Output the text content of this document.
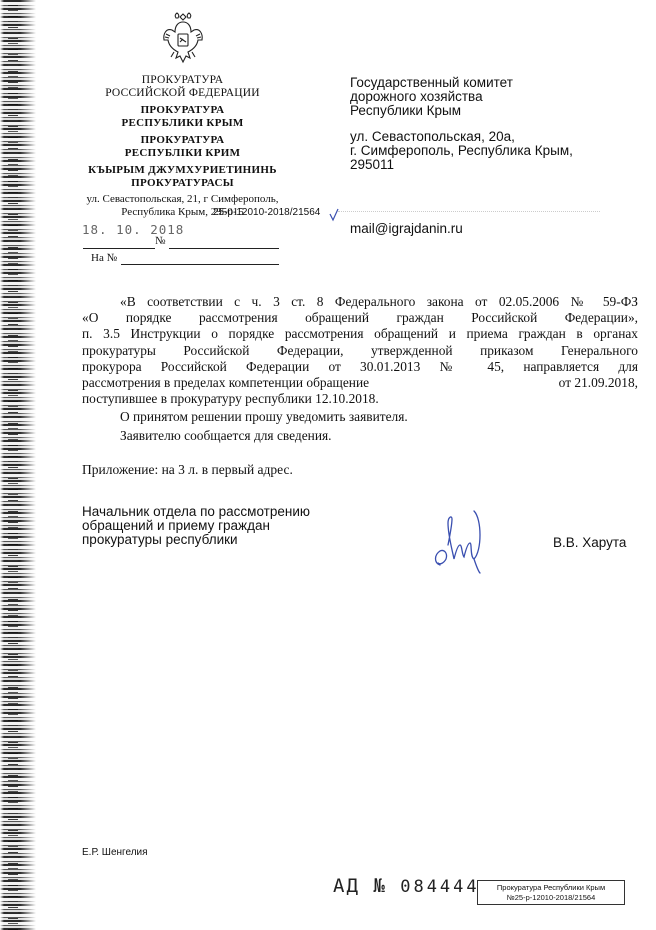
ПРОКУРАТУРА
РОССИЙСКОЙ ФЕДЕРАЦИИ
ПРОКУРАТУРА
РЕСПУБЛИКИ КРЫМ
ПРОКУРАТУРА
РЕСПУБЛІКИ КРИМ
КЪЫРЫМ ДЖУМХУРИЕТИНИНЬ
ПРОКУРАТУРАСЫ
ул. Севастопольская, 21, г Симферополь,
Республика Крым, 295015
25-р-12010-2018/21564
18. 10. 2018
№
На №
Государственный комитет
дорожного хозяйства
Республики Крым
ул. Севастопольская, 20а,
г. Симферополь, Республика Крым,
295011
mail@igrajdanin.ru
«В соответствии с ч. 3 ст. 8 Федерального закона от 02.05.2006 № 59-ФЗ
«О порядке рассмотрения обращений граждан Российской Федерации»,
п. 3.5 Инструкции о порядке рассмотрения обращений и приема граждан в органах
прокуратуры Российской Федерации, утвержденной приказом Генерального
прокурора Российской Федерации от 30.01.2013 № 45, направляется для
рассмотрения в пределах компетенции обращение	от 21.09.2018,
поступившее в прокуратуру республики 12.10.2018.
О принятом решении прошу уведомить заявителя.
Заявителю сообщается для сведения.
Приложение: на 3 л. в первый адрес.
Начальник отдела по рассмотрению
обращений и приему граждан
прокуратуры республики	В.В. Харута
Е.Р. Шенгелия
АД № 084444	Прокуратура Республики Крым
№25-р-12010-2018/21564
